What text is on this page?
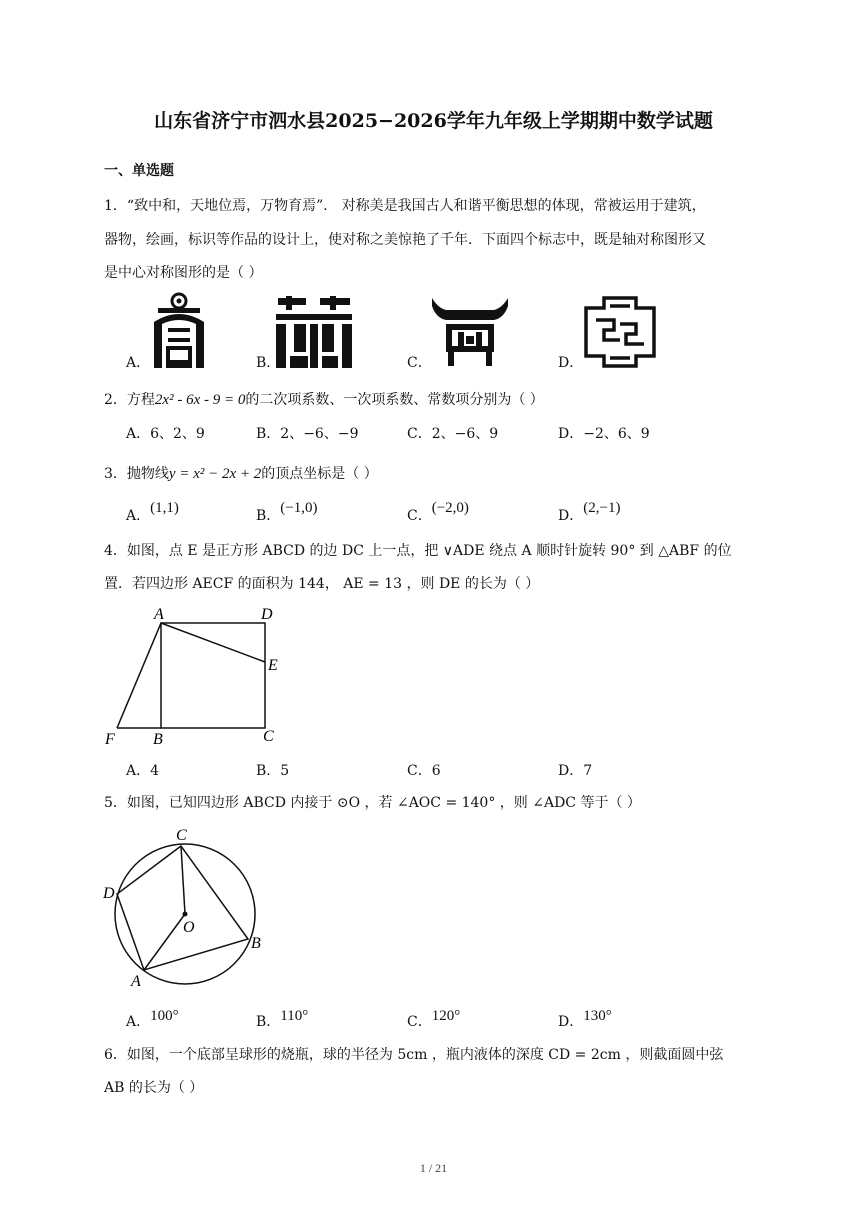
山东省济宁市泗水县2025−2026学年九年级上学期期中数学试题
一、单选题
1．“致中和，天地位焉，万物育焉”． 对称美是我国古人和谐平衡思想的体现，常被运用于建筑，
器物，绘画，标识等作品的设计上，使对称之美惊艳了千年．下面四个标志中，既是轴对称图形又
是中心对称图形的是（ ）
A．	B．	C．	D．
2．方程2x² - 6x - 9 = 0的二次项系数、一次项系数、常数项分别为（ ）
A．6、2、9	B．2、−6、−9	C．2、−6、9	D．−2、6、9
3．抛物线y = x² − 2x + 2的顶点坐标是（ ）
A．(1,1)	B．(−1,0)	C．(−2,0)	D．(2,−1)
4．如图，点 E 是正方形 ABCD 的边 DC 上一点，把 ∨ADE 绕点 A 顺时针旋转 90° 到 △ABF 的位
置．若四边形 AECF 的面积为 144， AE = 13 ，则 DE 的长为（ ）
A	D
E
F B	C
A．4	B．5	C．6	D．7
5．如图，已知四边形 ABCD 内接于 ⊙O ，若 ∠AOC = 140° ，则 ∠ADC 等于（ ）
C
D
O
B
A
A．100°	B．110°	C．120°	D．130°
6．如图，一个底部呈球形的烧瓶，球的半径为 5cm ，瓶内液体的深度 CD = 2cm ，则截面圆中弦
AB 的长为（ ）
1 / 21
